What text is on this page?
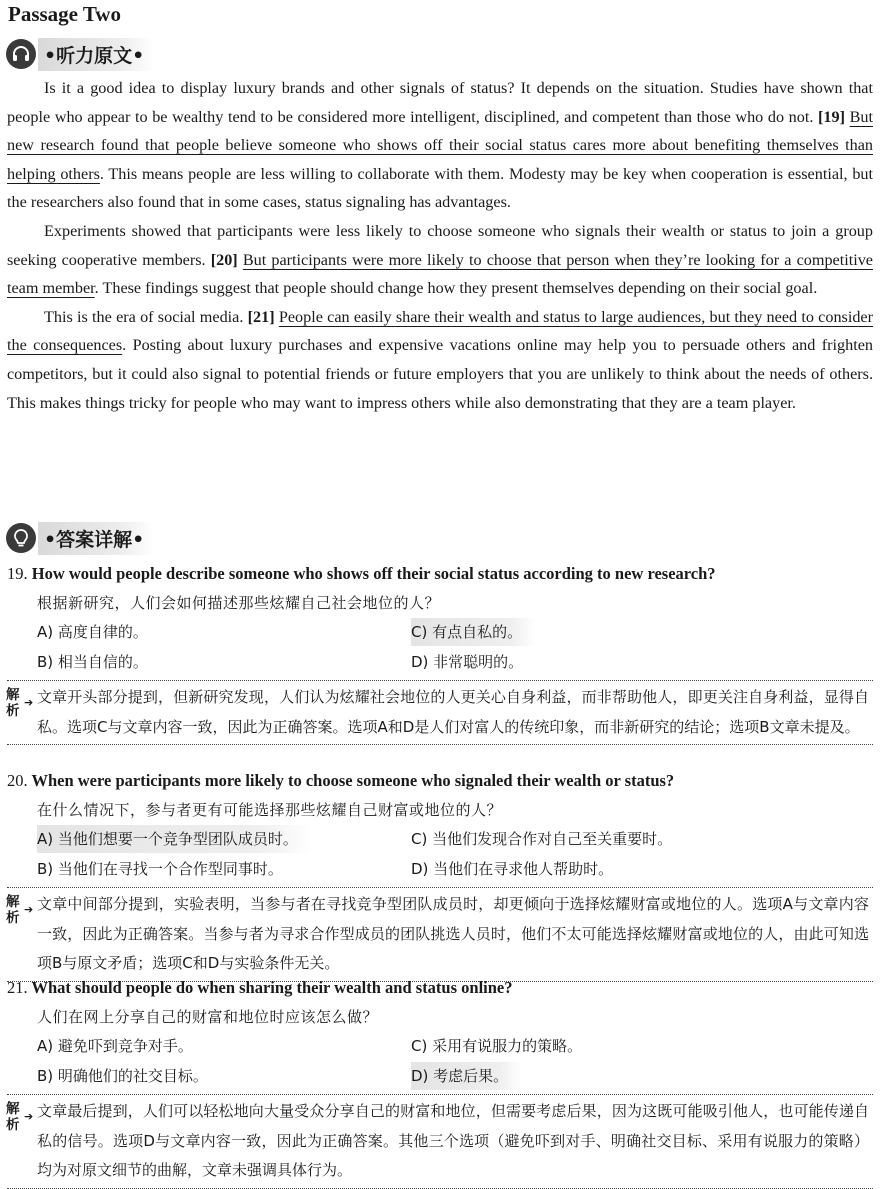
Passage Two
•听力原文•

Is it a good idea to display luxury brands and other signals of status? It depends on the situation. Studies have shown that people who appear to be wealthy tend to be considered more intelligent, disciplined, and competent than those who do not. [19] But new research found that people believe someone who shows off their social status cares more about benefiting themselves than helping others. This means people are less willing to collaborate with them. Modesty may be key when cooperation is essential, but the researchers also found that in some cases, status signaling has advantages.

Experiments showed that participants were less likely to choose someone who signals their wealth or status to join a group seeking cooperative members. [20] But participants were more likely to choose that person when they’re looking for a competitive team member. These findings suggest that people should change how they present themselves depending on their social goal.

This is the era of social media. [21] People can easily share their wealth and status to large audiences, but they need to consider the consequences. Posting about luxury purchases and expensive vacations online may help you to persuade others and frighten competitors, but it could also signal to potential friends or future employers that you are unlikely to think about the needs of others. This makes things tricky for people who may want to impress others while also demonstrating that they are a team player.

•答案详解•
19. How would people describe someone who shows off their social status according to new research?
根据新研究，人们会如何描述那些炫耀自己社会地位的人？
A) 高度自律的。	C) 有点自私的。
B) 相当自信的。	D) 非常聪明的。
解析
➔ 文章开头部分提到，但新研究发现，人们认为炫耀社会地位的人更关心自身利益，而非帮助他人，即更关注自身利益，显得自私。选项C与文章内容一致，因此为正确答案。选项A和D是人们对富人的传统印象，而非新研究的结论；选项B文章未提及。
20. When were participants more likely to choose someone who signaled their wealth or status?
在什么情况下，参与者更有可能选择那些炫耀自己财富或地位的人？
A) 当他们想要一个竞争型团队成员时。	C) 当他们发现合作对自己至关重要时。
B) 当他们在寻找一个合作型同事时。	D) 当他们在寻求他人帮助时。
解析
➔ 文章中间部分提到，实验表明，当参与者在寻找竞争型团队成员时，却更倾向于选择炫耀财富或地位的人。选项A与文章内容一致，因此为正确答案。当参与者为寻求合作型成员的团队挑选人员时，他们不太可能选择炫耀财富或地位的人，由此可知选项B与原文矛盾；选项C和D与实验条件无关。
21. What should people do when sharing their wealth and status online?
人们在网上分享自己的财富和地位时应该怎么做？
A) 避免吓到竞争对手。	C) 采用有说服力的策略。
B) 明确他们的社交目标。	D) 考虑后果。
解析
➔ 文章最后提到，人们可以轻松地向大量受众分享自己的财富和地位，但需要考虑后果，因为这既可能吸引他人，也可能传递自私的信号。选项D与文章内容一致，因此为正确答案。其他三个选项（避免吓到对手、明确社交目标、采用有说服力的策略）均为对原文细节的曲解，文章未强调具体行为。
